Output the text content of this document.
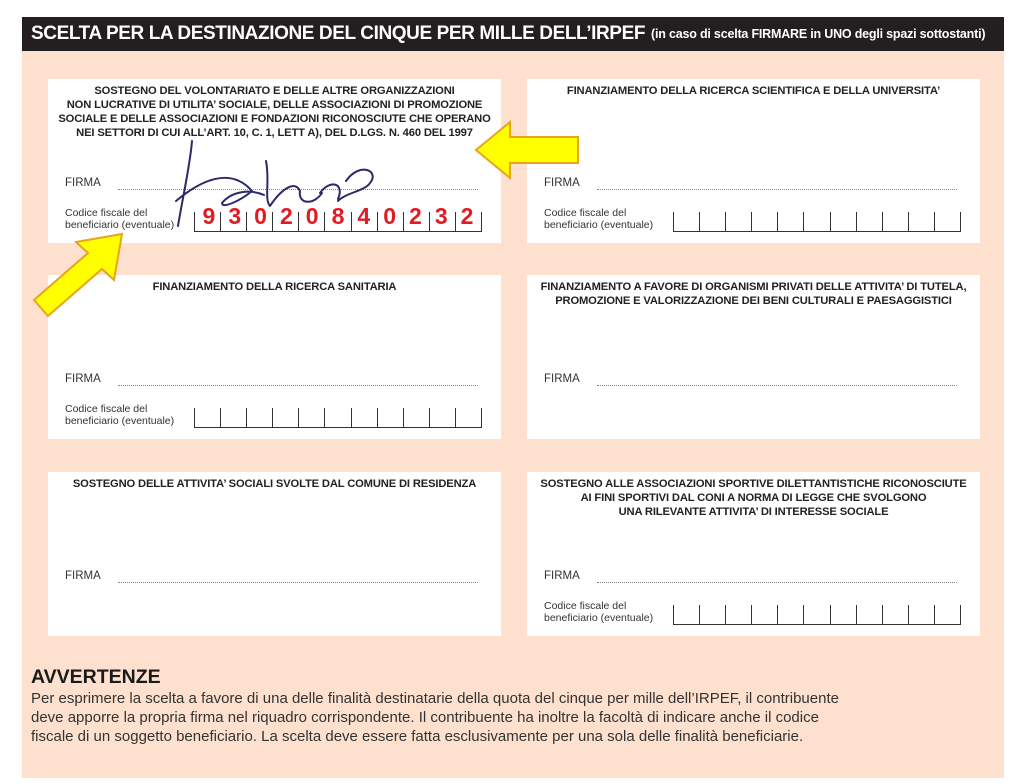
SCELTA PER LA DESTINAZIONE DEL CINQUE PER MILLE DELL’IRPEF (in caso di scelta FIRMARE in UNO degli spazi sottostanti)
SOSTEGNO DEL VOLONTARIATO E DELLE ALTRE ORGANIZZAZIONI
NON LUCRATIVE DI UTILITA’ SOCIALE, DELLE ASSOCIAZIONI DI PROMOZIONE
SOCIALE E DELLE ASSOCIAZIONI E FONDAZIONI RICONOSCIUTE CHE OPERANO
NEI SETTORI DI CUI ALL’ART. 10, C. 1, LETT A), DEL D.LGS. N. 460 DEL 1997
FIRMA
Codice fiscale del
beneficiario (eventuale) 9 3 0 2 0 8 4 0 2 3 2
FINANZIAMENTO DELLA RICERCA SCIENTIFICA E DELLA UNIVERSITA’
FIRMA
Codice fiscale del
beneficiario (eventuale)
FINANZIAMENTO DELLA RICERCA SANITARIA
FIRMA
Codice fiscale del
beneficiario (eventuale)
FINANZIAMENTO A FAVORE DI ORGANISMI PRIVATI DELLE ATTIVITA’ DI TUTELA,
PROMOZIONE E VALORIZZAZIONE DEI BENI CULTURALI E PAESAGGISTICI
FIRMA
SOSTEGNO DELLE ATTIVITA’ SOCIALI SVOLTE DAL COMUNE DI RESIDENZA
FIRMA
SOSTEGNO ALLE ASSOCIAZIONI SPORTIVE DILETTANTISTICHE RICONOSCIUTE
AI FINI SPORTIVI DAL CONI A NORMA DI LEGGE CHE SVOLGONO
UNA RILEVANTE ATTIVITA’ DI INTERESSE SOCIALE
FIRMA
Codice fiscale del
beneficiario (eventuale)
AVVERTENZE
Per esprimere la scelta a favore di una delle finalità destinatarie della quota del cinque per mille dell’IRPEF, il contribuente
deve apporre la propria firma nel riquadro corrispondente. Il contribuente ha inoltre la facoltà di indicare anche il codice
fiscale di un soggetto beneficiario. La scelta deve essere fatta esclusivamente per una sola delle finalità beneficiarie.
